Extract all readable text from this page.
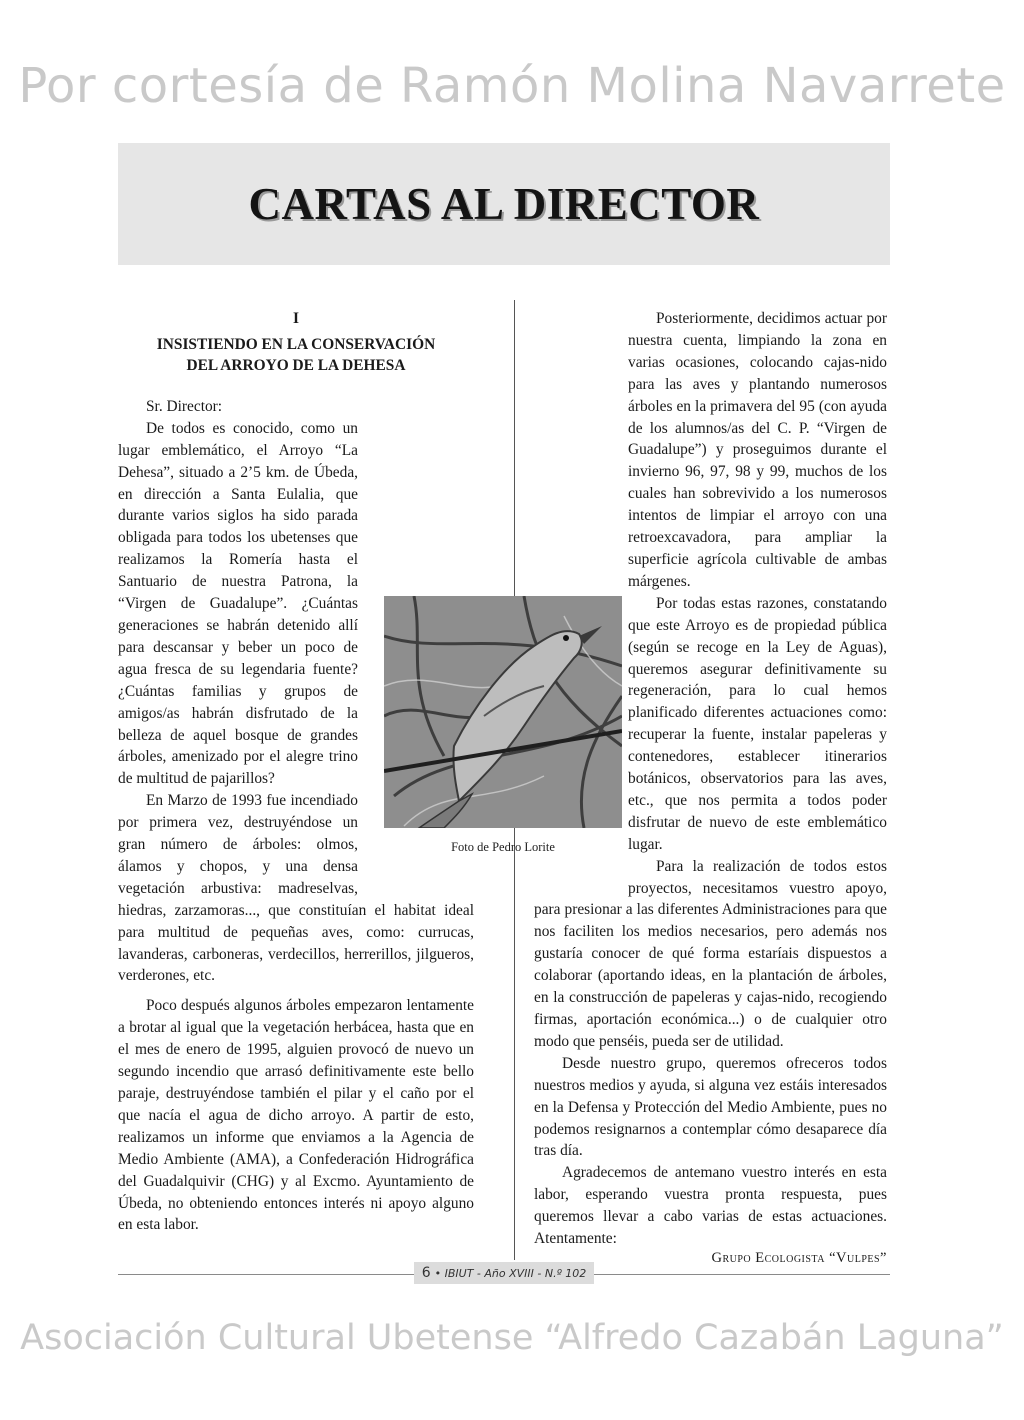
Por cortesía de Ramón Molina Navarrete
CARTAS AL DIRECTOR
I
INSISTIENDO EN LA CONSERVACIÓN
DEL ARROYO DE LA DEHESA

Sr. Director:

De todos es conocido, como un lugar emblemático, el Arroyo “La Dehesa”, situado a 2’5 km. de Úbeda, en dirección a Santa Eulalia, que durante varios siglos ha sido parada obligada para todos los ubetenses que realizamos la Romería hasta el Santuario de nuestra Patrona, la “Virgen de Guadalupe”. ¿Cuántas generaciones se habrán detenido allí para descansar y beber un poco de agua fresca de su legendaria fuente? ¿Cuántas familias y grupos de amigos/as habrán disfrutado de la belleza de aquel bosque de grandes árboles, amenizado por el alegre trino de multitud de pajarillos?

En Marzo de 1993 fue incendiado por primera vez, destruyéndose un gran número de árboles: olmos, álamos y chopos, y una densa vegetación arbustiva: madreselvas, hiedras, zarzamoras..., que constituían el habitat ideal para multitud de pequeñas aves, como: currucas, lavanderas, carboneras, verdecillos, herrerillos, jilgueros, verderones, etc.

Poco después algunos árboles empezaron lentamente a brotar al igual que la vegetación herbácea, hasta que en el mes de enero de 1995, alguien provocó de nuevo un segundo incendio que arrasó definitivamente este bello paraje, destruyéndose también el pilar y el caño por el que nacía el agua de dicho arroyo. A partir de esto, realizamos un informe que enviamos a la Agencia de Medio Ambiente (AMA), a Confederación Hidrográfica del Guadalquivir (CHG) y al Excmo. Ayuntamiento de Úbeda, no obteniendo entonces interés ni apoyo alguno en esta labor.

Posteriormente, decidimos actuar por nuestra cuenta, limpiando la zona en varias ocasiones, colocando cajas-nido para las aves y plantando numerosos árboles en la primavera del 95 (con ayuda de los alumnos/as del C. P. “Virgen de Guadalupe”) y proseguimos durante el invierno 96, 97, 98 y 99, muchos de los cuales han sobrevivido a los numerosos intentos de limpiar el arroyo con una retroexcavadora, para ampliar la superficie agrícola cultivable de ambas márgenes.

Por todas estas razones, constatando que este Arroyo es de propiedad pública (según se recoge en la Ley de Aguas), queremos asegurar definitivamente su regeneración, para lo cual hemos planificado diferentes actuaciones como: recuperar la fuente, instalar papeleras y contenedores, establecer itinerarios botánicos, observatorios para las aves, etc., que nos permita a todos poder disfrutar de nuevo de este emblemático lugar.

Para la realización de todos estos proyectos, necesitamos vuestro apoyo, para presionar a las diferentes Administraciones para que nos faciliten los medios necesarios, pero además nos gustaría conocer de qué forma estaríais dispuestos a colaborar (aportando ideas, en la plantación de árboles, en la construcción de papeleras y cajas-nido, recogiendo firmas, aportación económica...) o de cualquier otro modo que penséis, pueda ser de utilidad.

Desde nuestro grupo, queremos ofreceros todos nuestros medios y ayuda, si alguna vez estáis interesados en la Defensa y Protección del Medio Ambiente, pues no podemos resignarnos a contemplar cómo desaparece día tras día.

Agradecemos de antemano vuestro interés en esta labor, esperando vuestra pronta respuesta, pues queremos llevar a cabo varias de estas actuaciones. Atentamente:

Foto de Pedro Lorite
Grupo Ecologista “Vulpes”
6 • IBIUT - Año XVIII - N.º 102
Asociación Cultural Ubetense “Alfredo Cazabán Laguna”
